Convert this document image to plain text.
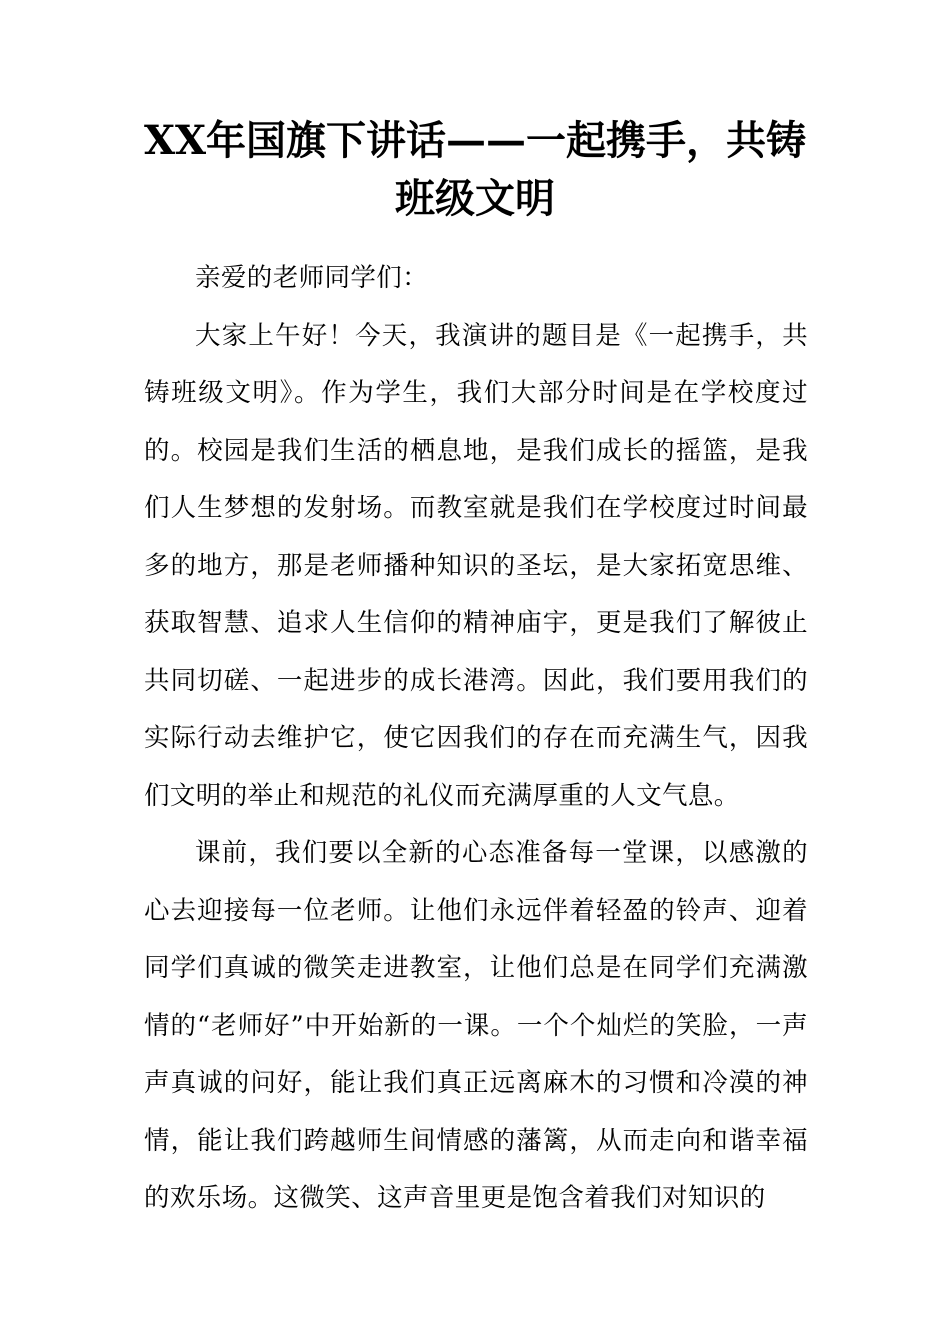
XX年国旗下讲话——一起携手，共铸班级文明

亲爱的老师同学们：

大家上午好！今天，我演讲的题目是《一起携手，共铸班级文明》。作为学生，我们大部分时间是在学校度过的。校园是我们生活的栖息地，是我们成长的摇篮，是我们人生梦想的发射场。而教室就是我们在学校度过时间最多的地方，那是老师播种知识的圣坛，是大家拓宽思维、获取智慧、追求人生信仰的精神庙宇，更是我们了解彼止共同切磋、一起进步的成长港湾。因此，我们要用我们的实际行动去维护它，使它因我们的存在而充满生气，因我们文明的举止和规范的礼仪而充满厚重的人文气息。

课前，我们要以全新的心态准备每一堂课，以感激的心去迎接每一位老师。让他们永远伴着轻盈的铃声、迎着同学们真诚的微笑走进教室，让他们总是在同学们充满激情的“老师好”中开始新的一课。一个个灿烂的笑脸，一声声真诚的问好，能让我们真正远离麻木的习惯和冷漠的神情，能让我们跨越师生间情感的藩篱，从而走向和谐幸福的欢乐场。这微笑、这声音里更是饱含着我们对知识的
